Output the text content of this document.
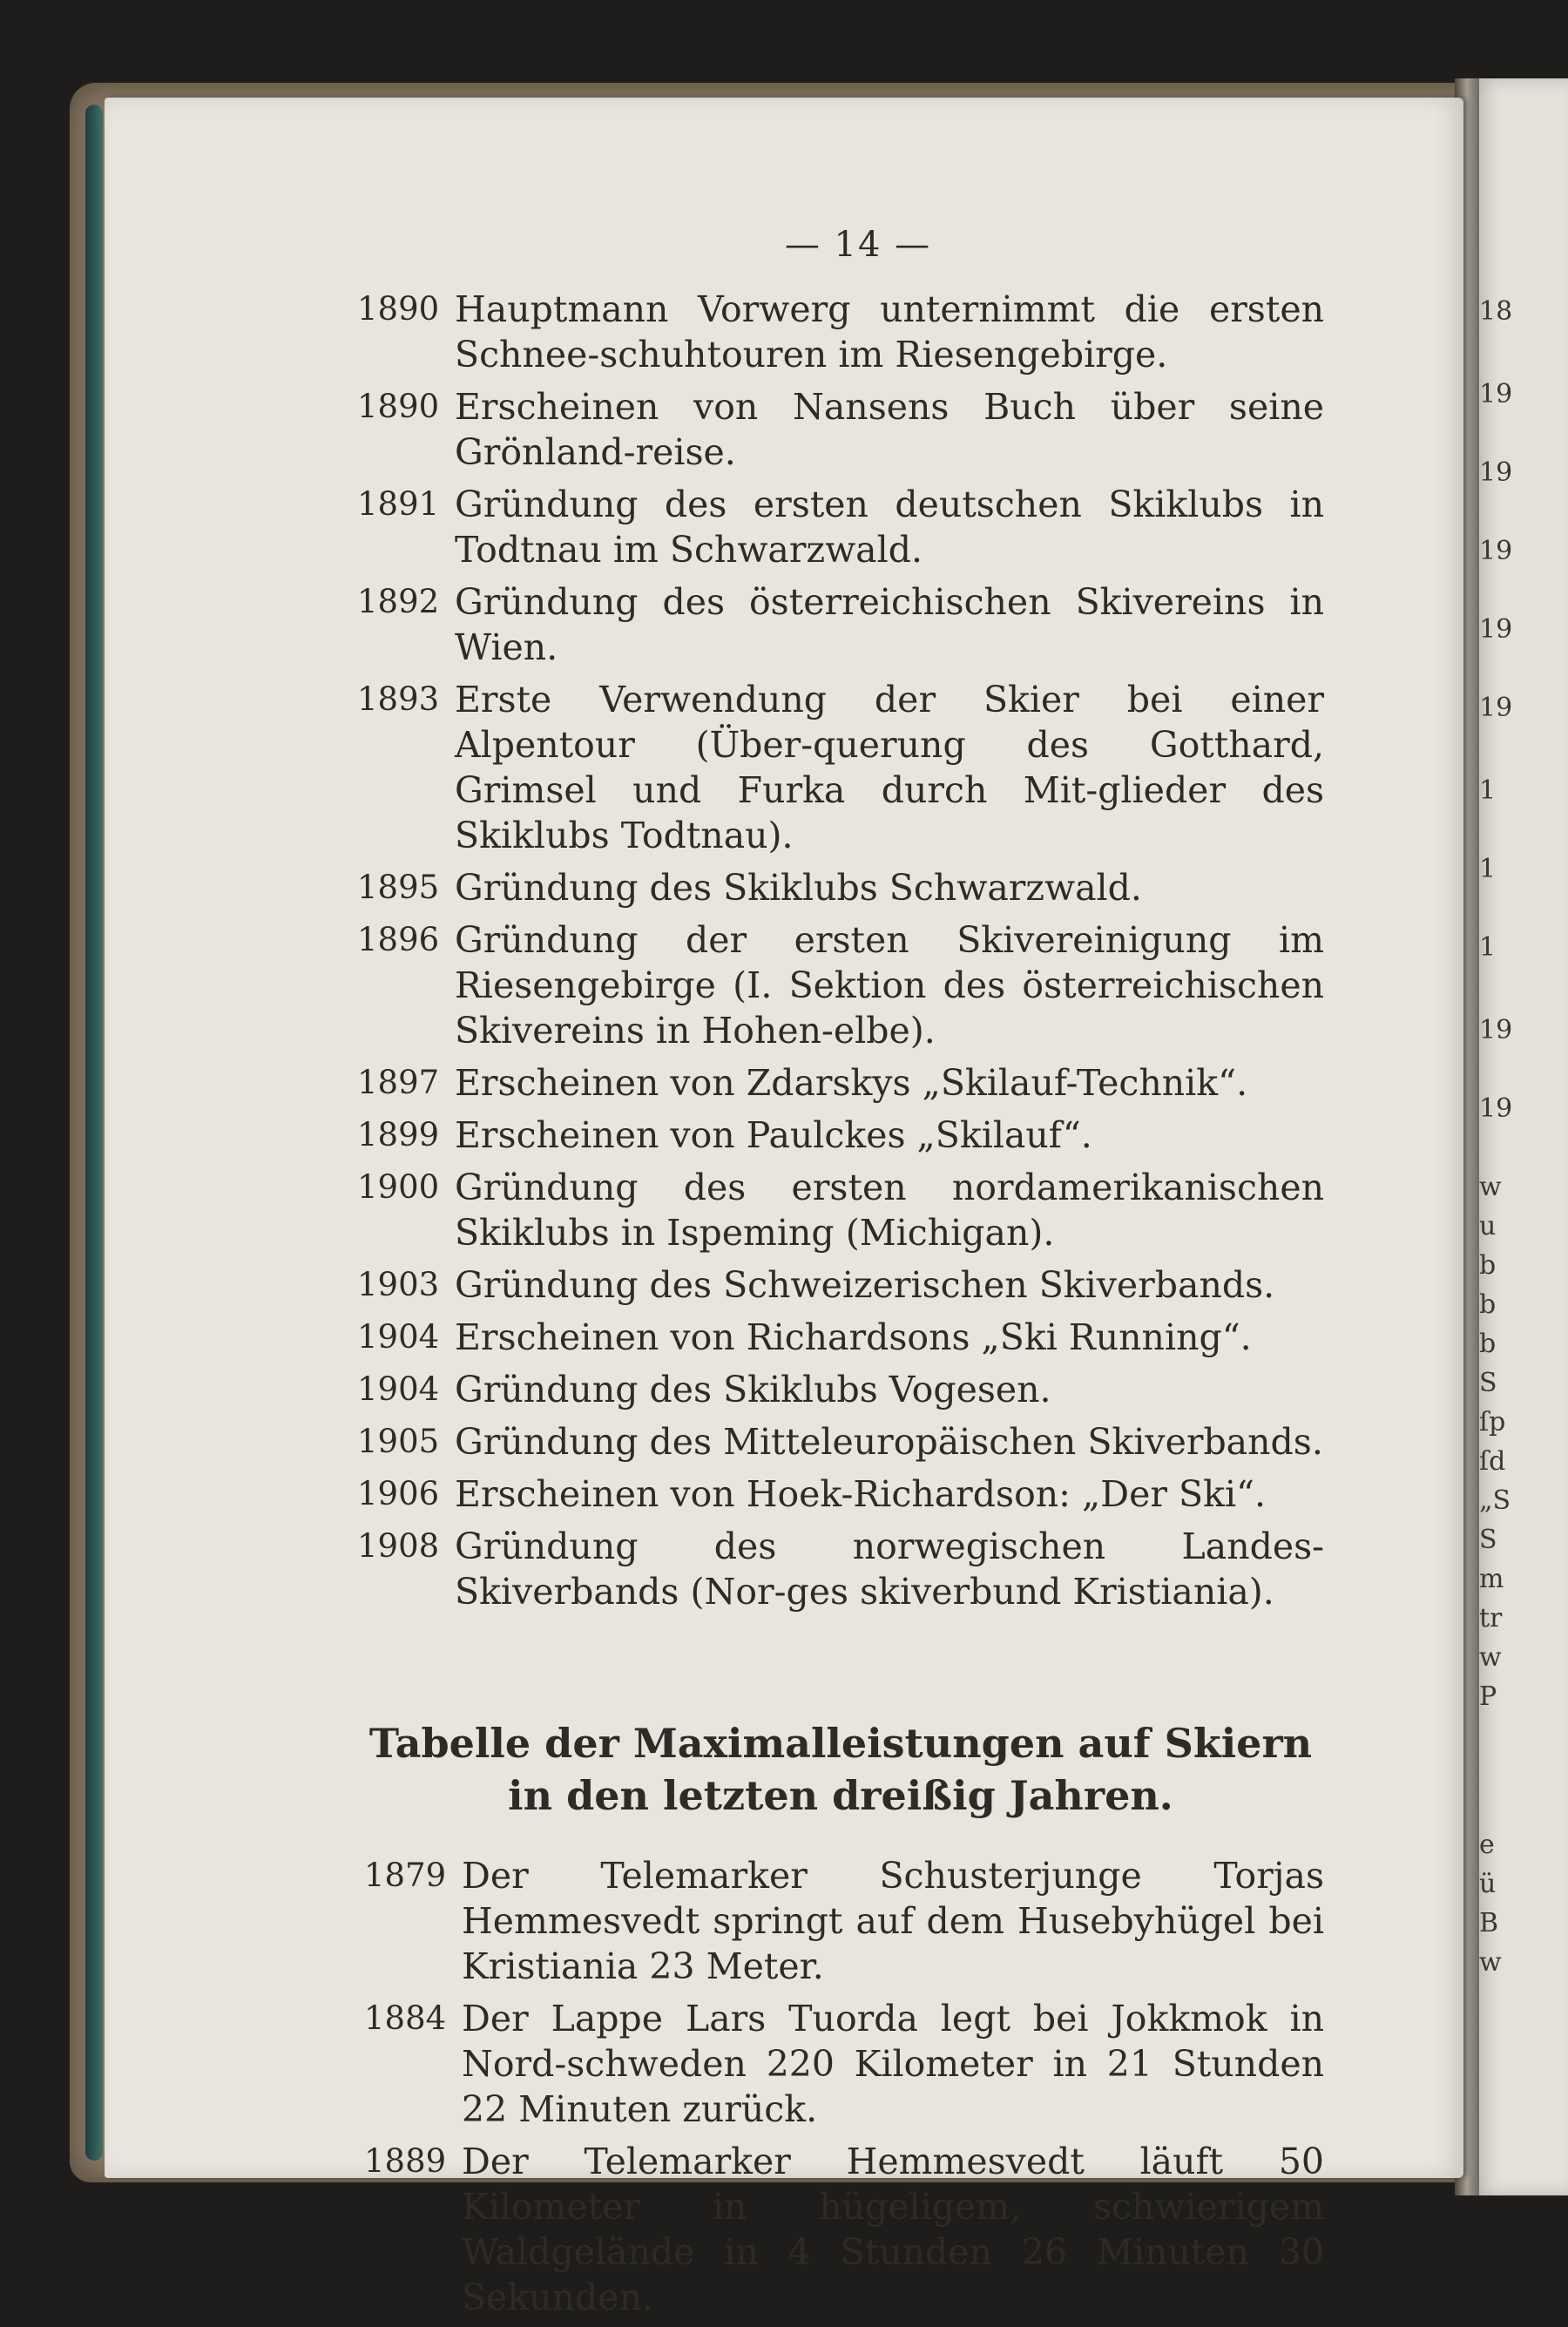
18
19
19
19
19
19
1
1
1
19
19
w
u
b
b
b
S
ſp
ſd
„S
S
m
tr
w
P
e
ü
B
w
— 14 —
1890 Hauptmann Vorwerg unternimmt die ersten Schnee-schuhtouren im Riesengebirge.
1890 Erscheinen von Nansens Buch über seine Grönland-reise.
1891 Gründung des ersten deutschen Skiklubs in Todtnau im Schwarzwald.
1892 Gründung des österreichischen Skivereins in Wien.
1893 Erste Verwendung der Skier bei einer Alpentour (Über-querung des Gotthard, Grimsel und Furka durch Mit-glieder des Skiklubs Todtnau).
1895 Gründung des Skiklubs Schwarzwald.
1896 Gründung der ersten Skivereinigung im Riesengebirge (I. Sektion des österreichischen Skivereins in Hohen-elbe).
1897 Erscheinen von Zdarskys „Skilauf-Technik“.
1899 Erscheinen von Paulckes „Skilauf“.
1900 Gründung des ersten nordamerikanischen Skiklubs in Ispeming (Michigan).
1903 Gründung des Schweizerischen Skiverbands.
1904 Erscheinen von Richardsons „Ski Running“.
1904 Gründung des Skiklubs Vogesen.
1905 Gründung des Mitteleuropäischen Skiverbands.
1906 Erscheinen von Hoek-Richardson: „Der Ski“.
1908 Gründung des norwegischen Landes-Skiverbands (Nor-ges skiverbund Kristiania).
Tabelle der Maximalleistungen auf Skiern in den letzten dreißig Jahren.
1879 Der Telemarker Schusterjunge Torjas Hemmesvedt springt auf dem Husebyhügel bei Kristiania 23 Meter.
1884 Der Lappe Lars Tuorda legt bei Jokkmok in Nord-schweden 220 Kilometer in 21 Stunden 22 Minuten zurück.
1889 Der Telemarker Hemmesvedt läuft 50 Kilometer in hügeligem, schwierigem Waldgelände in 4 Stunden 26 Minuten 30 Sekunden.
